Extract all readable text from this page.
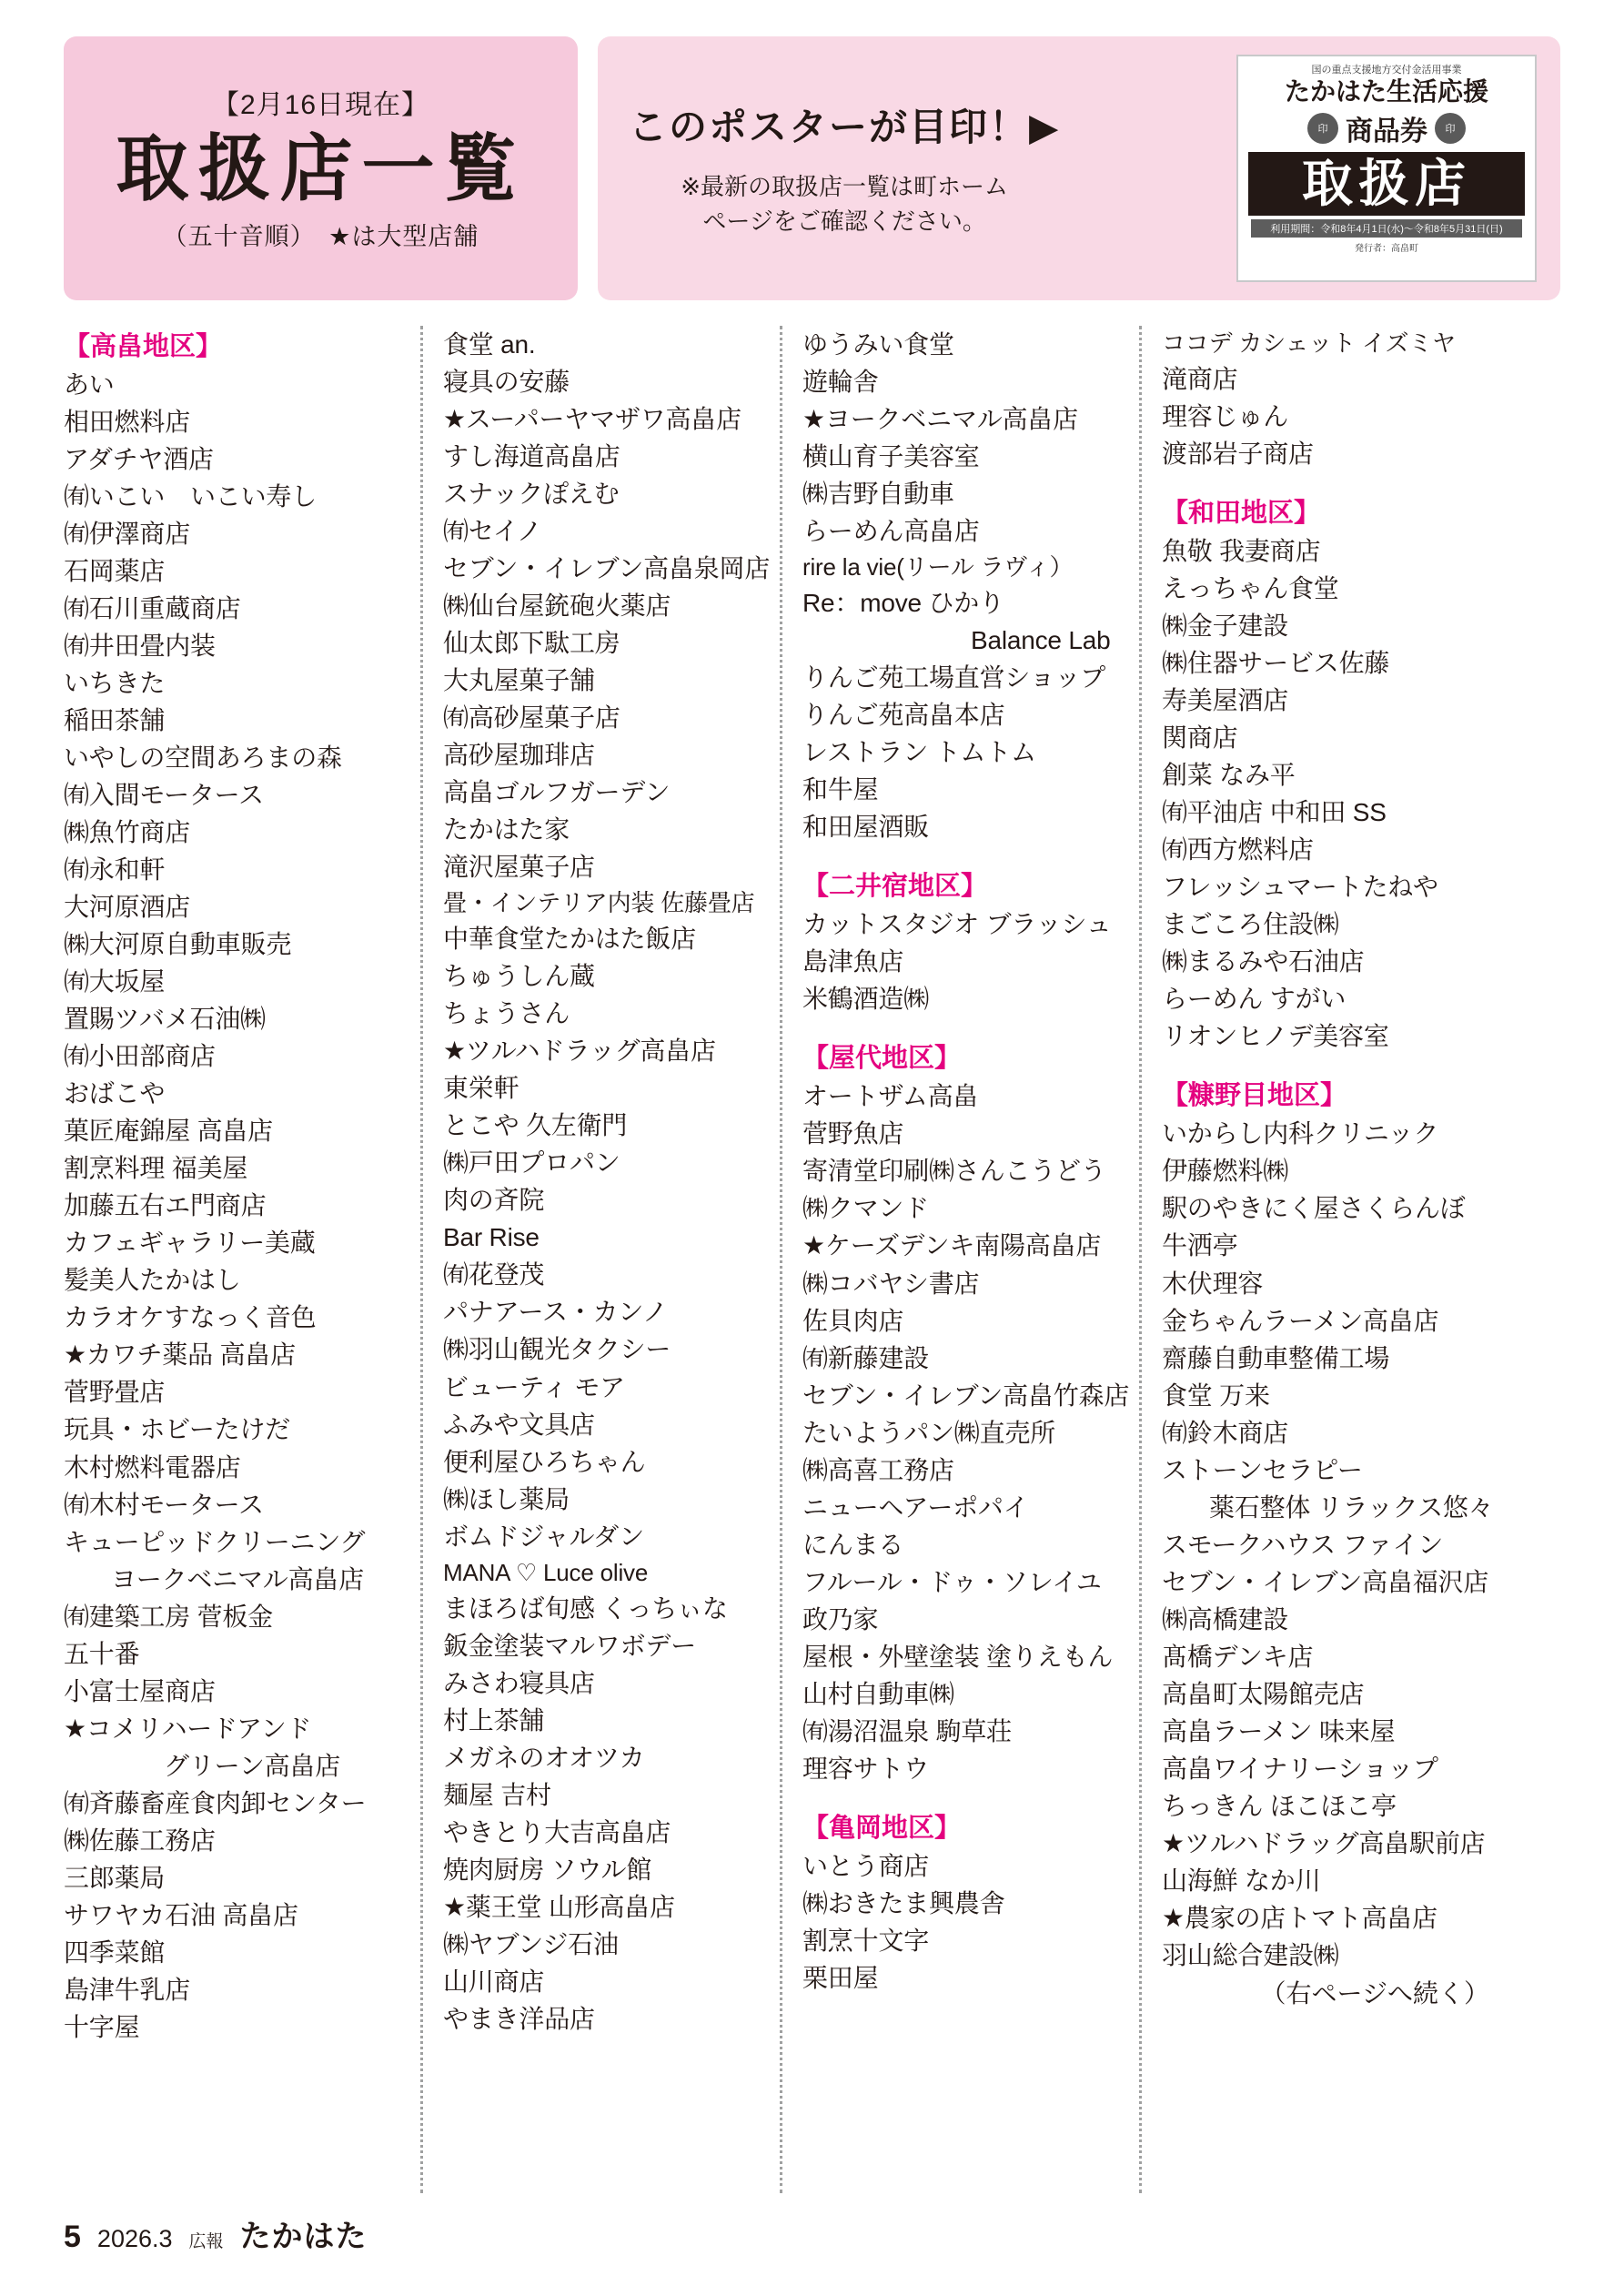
【2月16日現在】
取扱店一覧
（五十音順）　★は大型店舗
このポスターが目印！▶
※最新の取扱店一覧は町ホーム
ページをご確認ください。
国の重点支援地方交付金活用事業
たかはた生活応援
印 商品券	印
取扱店
利用期間：令和8年4月1日(水)～令和8年5月31日(日)
発行者：高畠町
【高畠地区】
あい
相田燃料店
アダチヤ酒店
㈲いこい　いこい寿し
㈲伊澤商店
石岡薬店
㈲石川重蔵商店
㈲井田畳内装
いちきた
稲田茶舗
いやしの空間あろまの森
㈲入間モータース
㈱魚竹商店
㈲永和軒
大河原酒店
㈱大河原自動車販売
㈲大坂屋
置賜ツバメ石油㈱
㈲小田部商店
おばこや
菓匠庵錦屋 高畠店
割烹料理 福美屋
加藤五右エ門商店
カフェギャラリー美蔵
髪美人たかはし
カラオケすなっく音色
★カワチ薬品 高畠店
菅野畳店
玩具・ホビーたけだ
木村燃料電器店
㈲木村モータース
キューピッドクリーニング
ヨークベニマル高畠店
㈲建築工房 菅板金
五十番
小富士屋商店
★コメリハードアンド
グリーン高畠店
㈲斉藤畜産食肉卸センター
㈱佐藤工務店
三郎薬局
サワヤカ石油 高畠店
四季菜館
島津牛乳店
十字屋
食堂 an.
寝具の安藤
★スーパーヤマザワ高畠店
すし海道高畠店
スナックぽえむ
㈲セイノ
セブン・イレブン高畠泉岡店
㈱仙台屋銃砲火薬店
仙太郎下駄工房
大丸屋菓子舗
㈲高砂屋菓子店
高砂屋珈琲店
高畠ゴルフガーデン
たかはた家
滝沢屋菓子店
畳・インテリア内装 佐藤畳店
中華食堂たかはた飯店
ちゅうしん蔵
ちょうさん
★ツルハドラッグ高畠店
東栄軒
とこや 久左衛門
㈱戸田プロパン
肉の斉院
Bar Rise
㈲花登茂
パナアース・カンノ
㈱羽山観光タクシー
ビューティ モア
ふみや文具店
便利屋ひろちゃん
㈱ほし薬局
ボムドジャルダン
MANA ♡ Luce olive
まほろば旬感 くっちぃな
鈑金塗装マルワボデー
みさわ寝具店
村上茶舗
メガネのオオツカ
麺屋 吉村
やきとり大吉高畠店
焼肉厨房 ソウル館
★薬王堂 山形高畠店
㈱ヤブンジ石油
山川商店
やまき洋品店
ゆうみい食堂
遊輪舎
★ヨークベニマル高畠店
横山育子美容室
㈱吉野自動車
らーめん高畠店
rire la vie(リール ラヴィ）
Re：move ひかり
Balance Lab
りんご苑工場直営ショップ
りんご苑高畠本店
レストラン トムトム
和牛屋
和田屋酒販
【二井宿地区】
カットスタジオ ブラッシュ
島津魚店
米鶴酒造㈱
【屋代地区】
オートザム高畠
菅野魚店
寄清堂印刷㈱さんこうどう
㈱クマンド
★ケーズデンキ南陽高畠店
㈱コバヤシ書店
佐貝肉店
㈲新藤建設
セブン・イレブン高畠竹森店
たいようパン㈱直売所
㈱高喜工務店
ニューヘアーポパイ
にんまる
フルール・ドゥ・ソレイユ
政乃家
屋根・外壁塗装 塗りえもん
山村自動車㈱
㈲湯沼温泉 駒草荘
理容サトウ
【亀岡地区】
いとう商店
㈱おきたま興農舎
割烹十文字
栗田屋
ココデ カシェット イズミヤ
滝商店
理容じゅん
渡部岩子商店
【和田地区】
魚敬 我妻商店
えっちゃん食堂
㈱金子建設
㈱住器サービス佐藤
寿美屋酒店
関商店
創菜 なみ平
㈲平油店 中和田 SS
㈲西方燃料店
フレッシュマートたねや
まごころ住設㈱
㈱まるみや石油店
らーめん すがい
リオンヒノデ美容室
【糠野目地区】
いからし内科クリニック
伊藤燃料㈱
駅のやきにく屋さくらんぼ
牛洒亭
木伏理容
金ちゃんラーメン高畠店
齋藤自動車整備工場
食堂 万来
㈲鈴木商店
ストーンセラピー
薬石整体 リラックス悠々
スモークハウス ファイン
セブン・イレブン高畠福沢店
㈱高橋建設
髙橋デンキ店
高畠町太陽館売店
高畠ラーメン 味来屋
高畠ワイナリーショップ
ちっきん ほこほこ亭
★ツルハドラッグ高畠駅前店
山海鮮 なか川
★農家の店トマト高畠店
羽山総合建設㈱
（右ページへ続く）
5 2026.3 広報 たかはた
